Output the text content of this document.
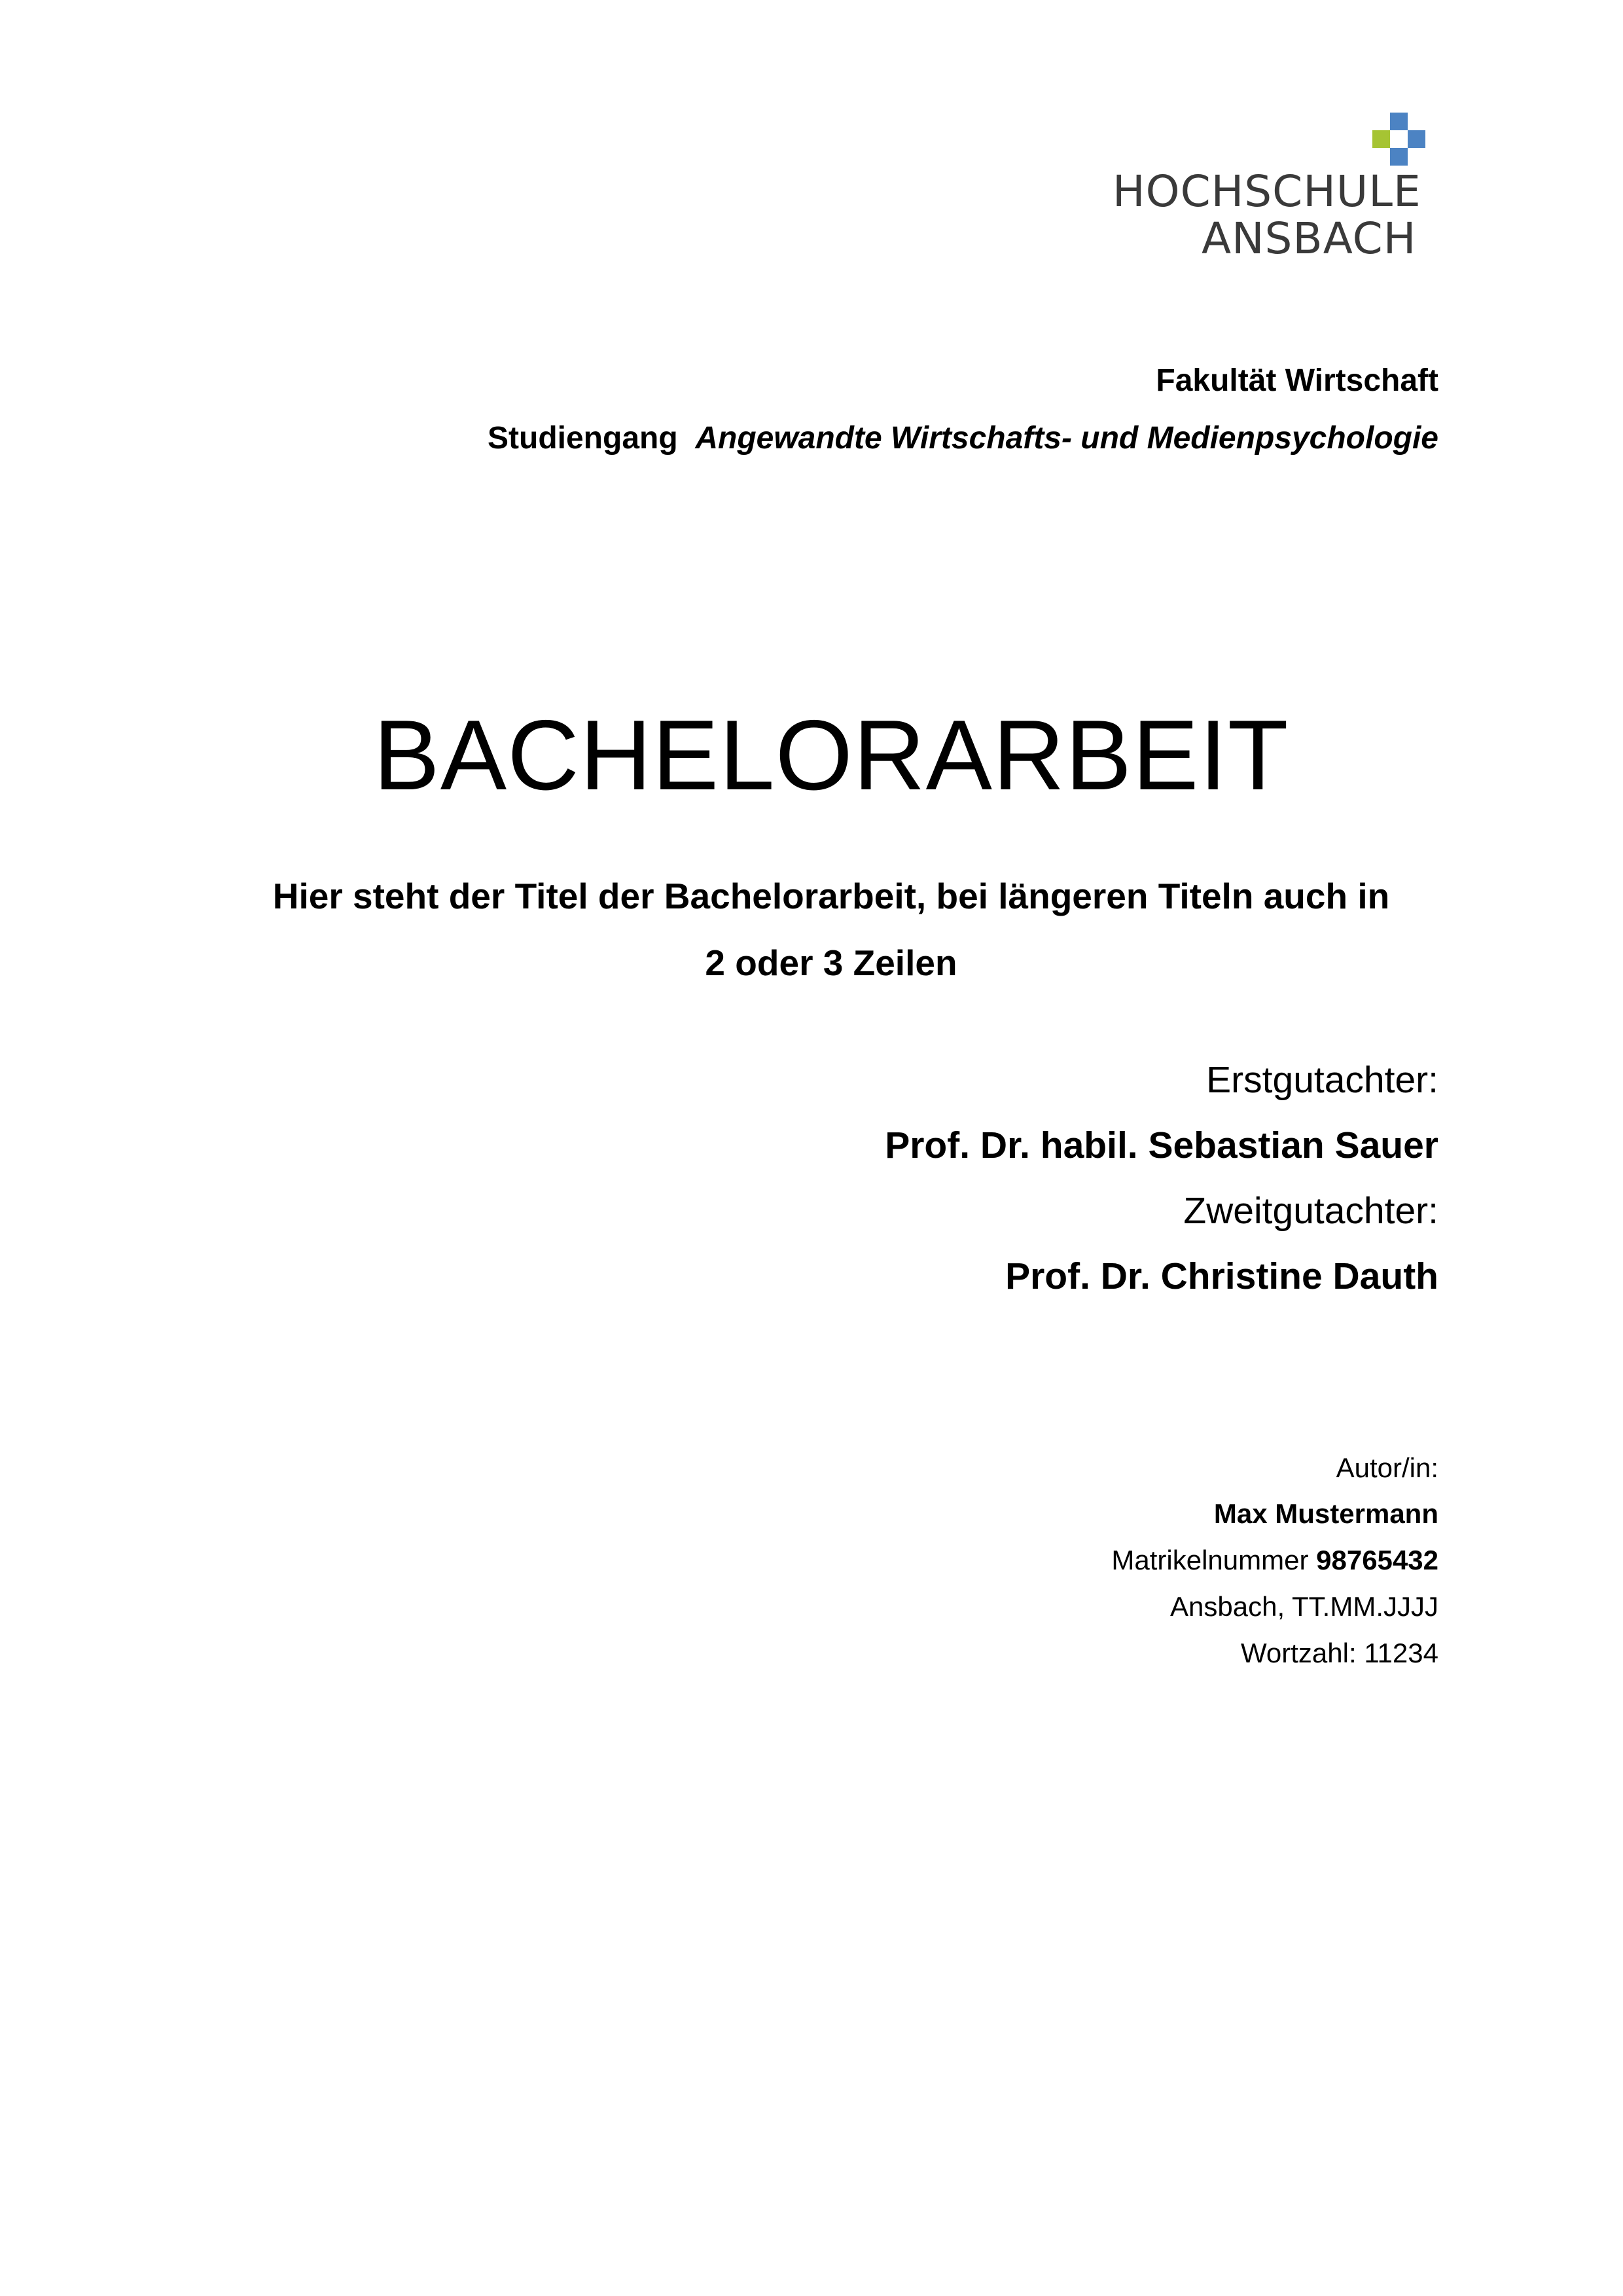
HOCHSCHULE
ANSBACH
Fakultät Wirtschaft
Studiengang Angewandte Wirtschafts- und Medienpsychologie
BACHELORARBEIT
Hier steht der Titel der Bachelorarbeit, bei längeren Titeln auch in
2 oder 3 Zeilen
Erstgutachter:
Prof. Dr. habil. Sebastian Sauer
Zweitgutachter:
Prof. Dr. Christine Dauth
Autor/in:
Max Mustermann
Matrikelnummer 98765432
Ansbach, TT.MM.JJJJ
Wortzahl: 11234
